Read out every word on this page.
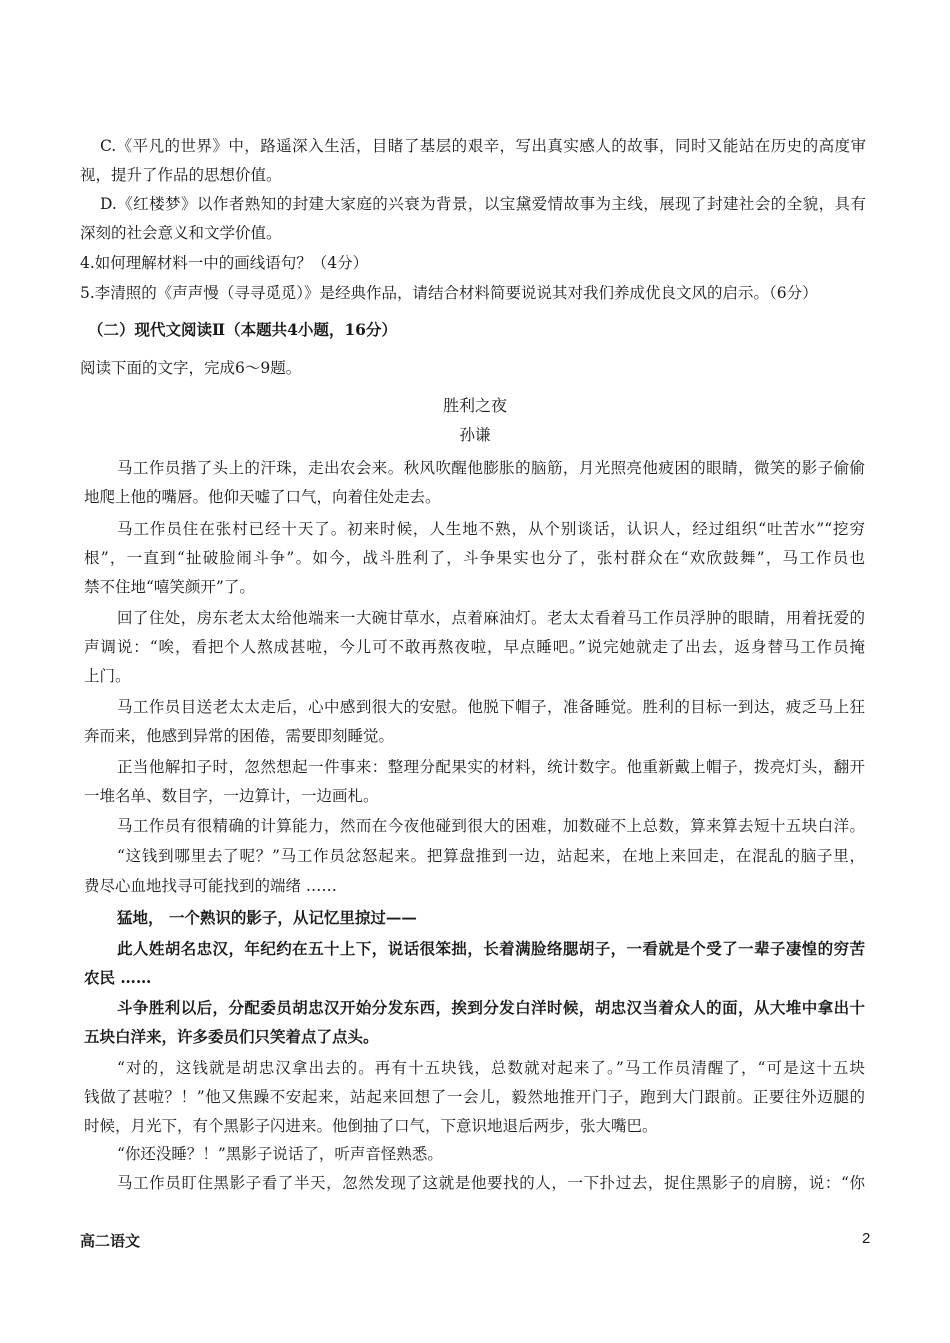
C.《平凡的世界》中，路遥深入生活，目睹了基层的艰辛，写出真实感人的故事，同时又能站在历史的高度审
视，提升了作品的思想价值。
D.《红楼梦》以作者熟知的封建大家庭的兴衰为背景，以宝黛爱情故事为主线，展现了封建社会的全貌，具有
深刻的社会意义和文学价值。
4.如何理解材料一中的画线语句？（4分）
5.李清照的《声声慢（寻寻觅觅）》是经典作品，请结合材料简要说说其对我们养成优良文风的启示。（6分）
（二）现代文阅读Ⅱ（本题共4小题，16分）
阅读下面的文字，完成6～9题。
胜利之夜
孙谦
马工作员揩了头上的汗珠，走出农会来。秋风吹醒他膨胀的脑筋，月光照亮他疲困的眼睛，微笑的影子偷偷
地爬上他的嘴唇。他仰天嘘了口气，向着住处走去。
马工作员住在张村已经十天了。初来时候，人生地不熟，从个别谈话，认识人，经过组织“吐苦水”“挖穷
根”，一直到“扯破脸闹斗争”。如今，战斗胜利了，斗争果实也分了，张村群众在“欢欣鼓舞”，马工作员也
禁不住地“嘻笑颜开”了。
回了住处，房东老太太给他端来一大碗甘草水，点着麻油灯。老太太看着马工作员浮肿的眼睛，用着抚爱的
声调说：“唉，看把个人熬成甚啦，今儿可不敢再熬夜啦，早点睡吧。”说完她就走了出去，返身替马工作员掩
上门。
马工作员目送老太太走后，心中感到很大的安慰。他脱下帽子，准备睡觉。胜利的目标一到达，疲乏马上狂
奔而来，他感到异常的困倦，需要即刻睡觉。
正当他解扣子时，忽然想起一件事来：整理分配果实的材料，统计数字。他重新戴上帽子，拨亮灯头，翻开
一堆名单、数目字，一边算计，一边画札。
马工作员有很精确的计算能力，然而在今夜他碰到很大的困难，加数碰不上总数，算来算去短十五块白洋。
“这钱到哪里去了呢？”马工作员忿怒起来。把算盘推到一边，站起来，在地上来回走，在混乱的脑子里，
费尽心血地找寻可能找到的端绪 ……
猛地， 一个熟识的影子，从记忆里掠过——
此人姓胡名忠汉，年纪约在五十上下，说话很笨拙，长着满脸络腮胡子，一看就是个受了一辈子凄惶的穷苦
农民 ……
斗争胜利以后，分配委员胡忠汉开始分发东西，挨到分发白洋时候，胡忠汉当着众人的面，从大堆中拿出十
五块白洋来，许多委员们只笑着点了点头。
“对的，这钱就是胡忠汉拿出去的。再有十五块钱，总数就对起来了。”马工作员清醒了，“可是这十五块
钱做了甚啦？！”他又焦躁不安起来，站起来回想了一会儿，毅然地推开门子，跑到大门跟前。正要往外迈腿的
时候，月光下，有个黑影子闪进来。他倒抽了口气，下意识地退后两步，张大嘴巴。
“你还没睡？！”黑影子说话了，听声音怪熟悉。
马工作员盯住黑影子看了半天，忽然发现了这就是他要找的人，一下扑过去，捉住黑影子的肩膀，说：“你
高二语文	2
